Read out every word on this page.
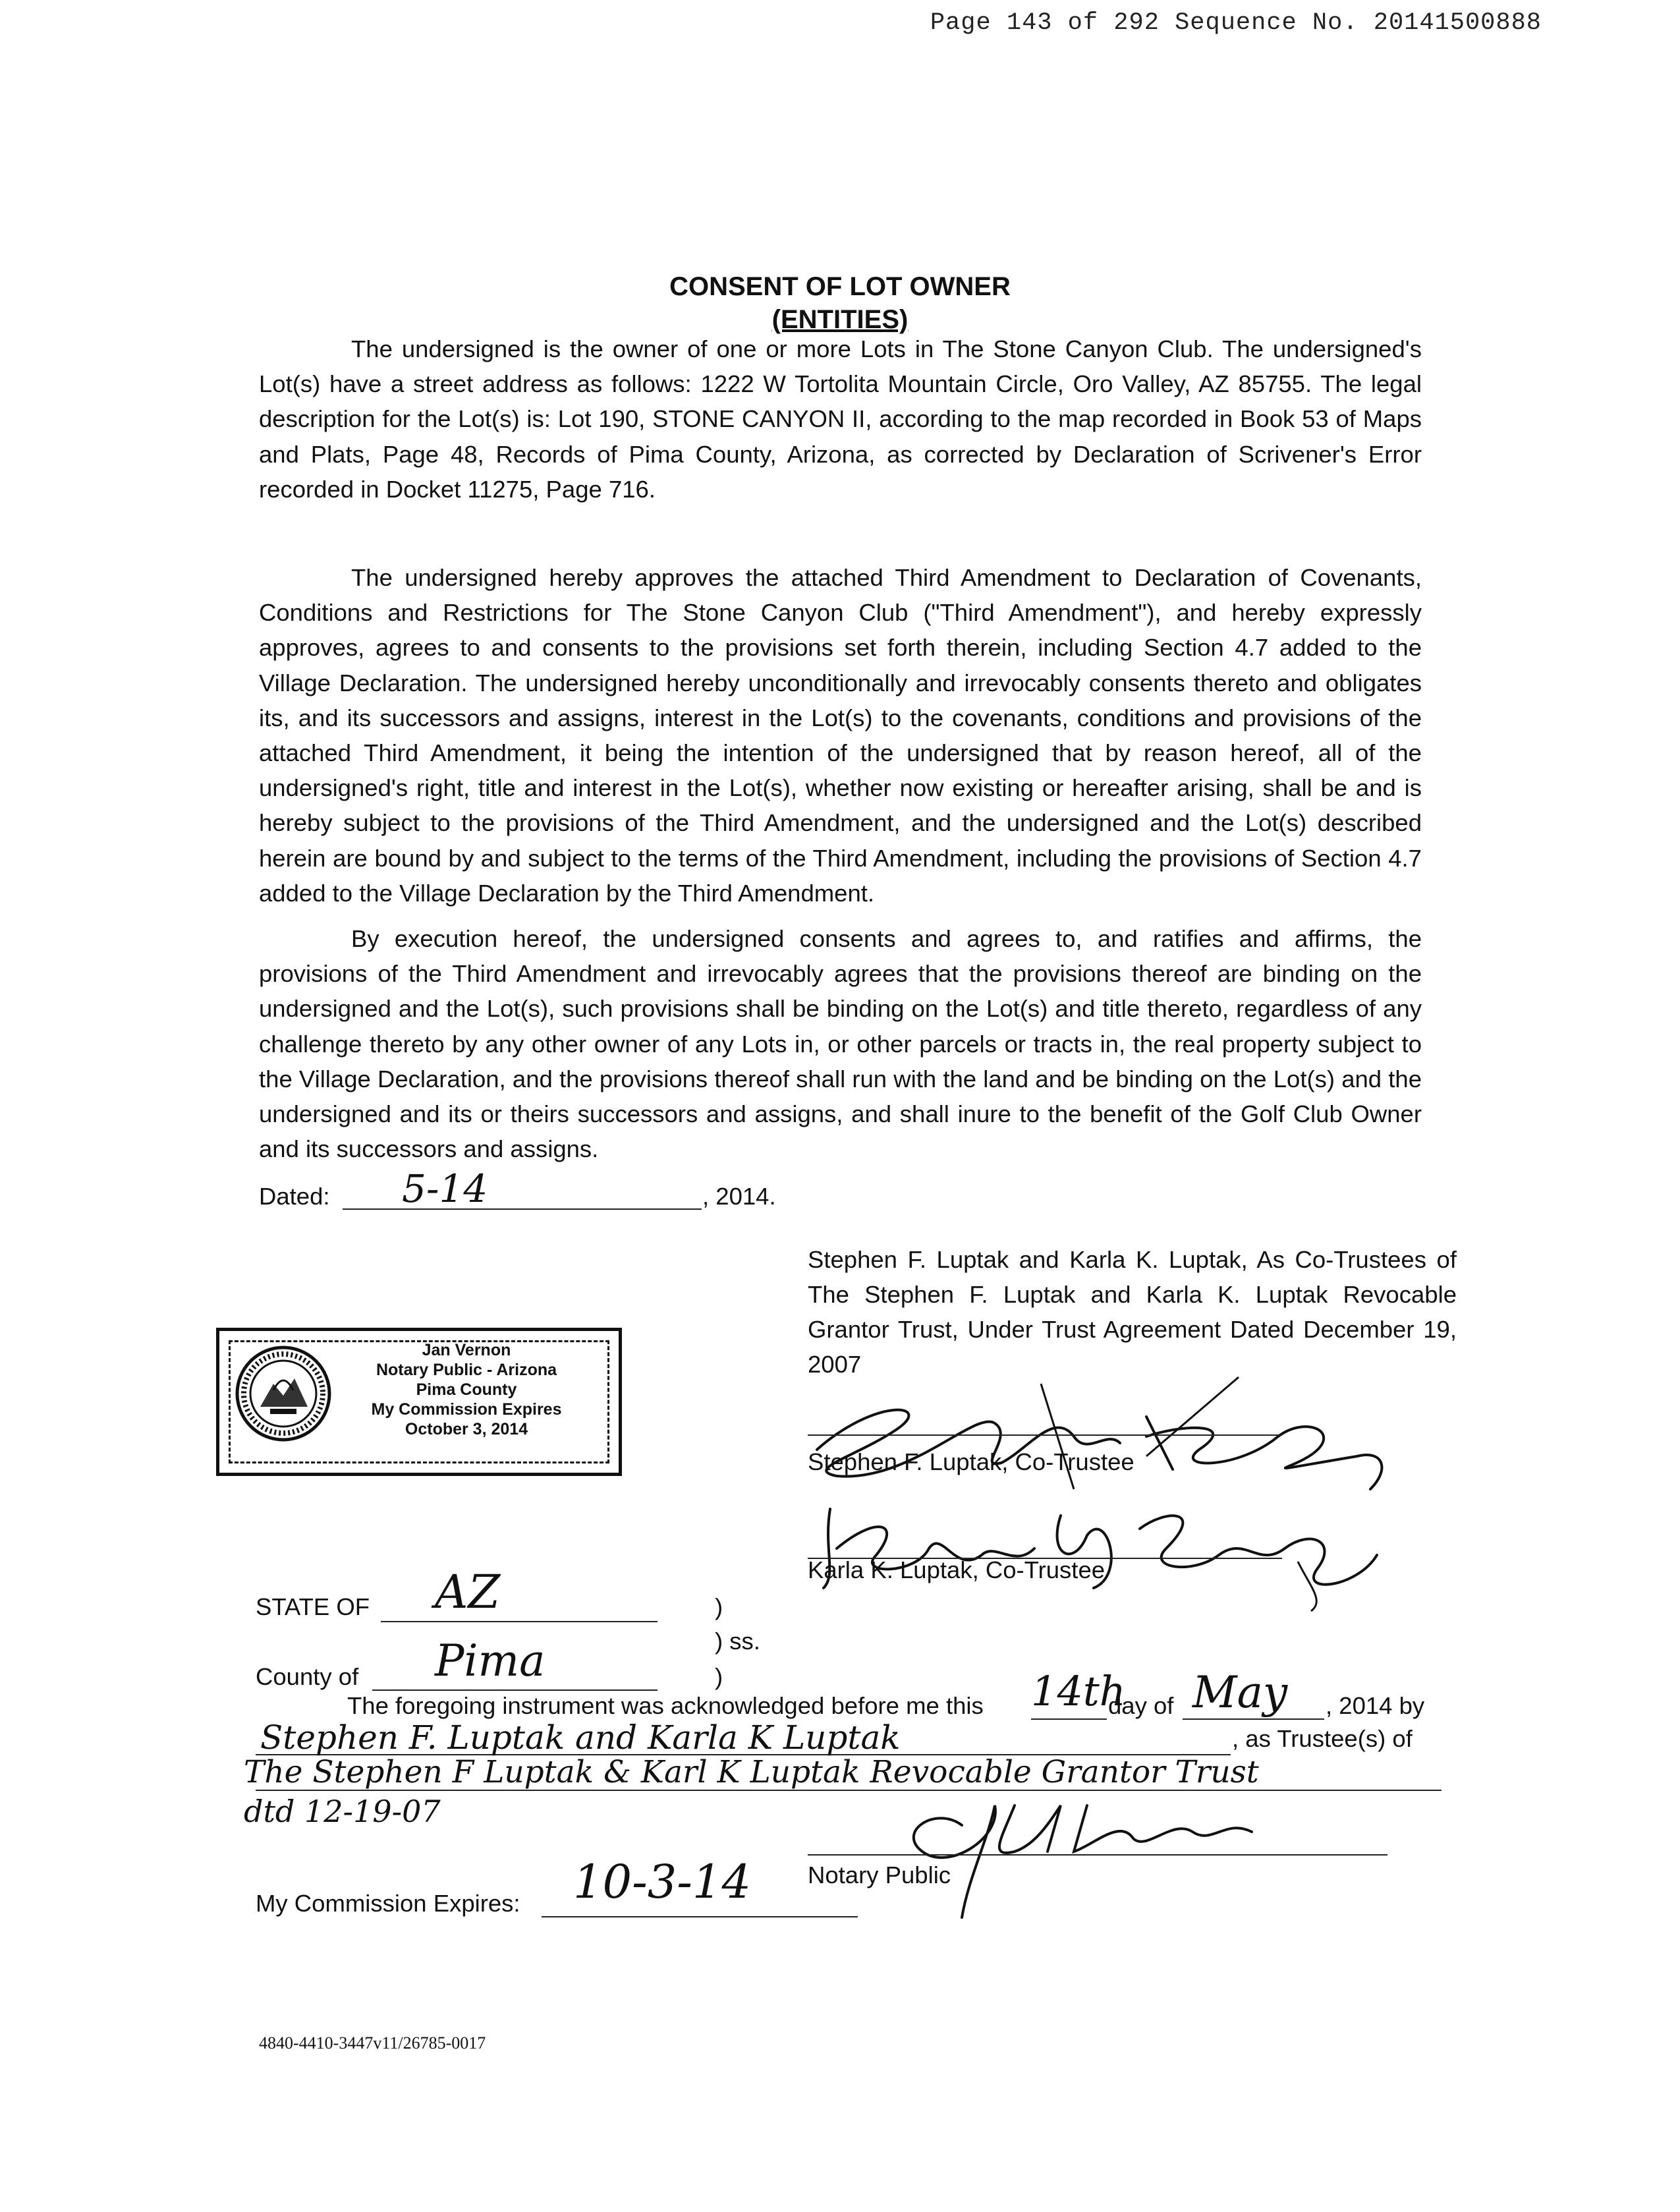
Page 143 of 292 Sequence No. 20141500888
CONSENT OF LOT OWNER
(ENTITIES)
The undersigned is the owner of one or more Lots in The Stone Canyon Club. The undersigned's Lot(s) have a street address as follows: 1222 W Tortolita Mountain Circle, Oro Valley, AZ 85755. The legal description for the Lot(s) is: Lot 190, STONE CANYON II, according to the map recorded in Book 53 of Maps and Plats, Page 48, Records of Pima County, Arizona, as corrected by Declaration of Scrivener's Error recorded in Docket 11275, Page 716.
The undersigned hereby approves the attached Third Amendment to Declaration of Covenants, Conditions and Restrictions for The Stone Canyon Club ("Third Amendment"), and hereby expressly approves, agrees to and consents to the provisions set forth therein, including Section 4.7 added to the Village Declaration. The undersigned hereby unconditionally and irrevocably consents thereto and obligates its, and its successors and assigns, interest in the Lot(s) to the covenants, conditions and provisions of the attached Third Amendment, it being the intention of the undersigned that by reason hereof, all of the undersigned's right, title and interest in the Lot(s), whether now existing or hereafter arising, shall be and is hereby subject to the provisions of the Third Amendment, and the undersigned and the Lot(s) described herein are bound by and subject to the terms of the Third Amendment, including the provisions of Section 4.7 added to the Village Declaration by the Third Amendment.
By execution hereof, the undersigned consents and agrees to, and ratifies and affirms, the provisions of the Third Amendment and irrevocably agrees that the provisions thereof are binding on the undersigned and the Lot(s), such provisions shall be binding on the Lot(s) and title thereto, regardless of any challenge thereto by any other owner of any Lots in, or other parcels or tracts in, the real property subject to the Village Declaration, and the provisions thereof shall run with the land and be binding on the Lot(s) and the undersigned and its or theirs successors and assigns, and shall inure to the benefit of the Golf Club Owner and its successors and assigns.
Dated: 5-14	, 2014.
Stephen F. Luptak and Karla K. Luptak, As Co-Trustees of The Stephen F. Luptak and Karla K. Luptak Revocable Grantor Trust, Under Trust Agreement Dated December 19, 2007
Jan Vernon
Notary Public - Arizona
Pima County
My Commission Expires
October 3, 2014
Stephen F. Luptak, Co-Trustee
Karla K. Luptak, Co-Trustee
STATE OF AZ	)
) ss.
County of Pima	)
The foregoing instrument was acknowledged before me this 14th
day of May , 2014 by
Stephen F. Luptak and Karla K Luptak	, as Trustee(s) of
The Stephen F Luptak & Karl K Luptak Revocable Grantor Trust
dtd 12-19-07
Notary Public
My Commission Expires: 10-3-14
4840-4410-3447v11/26785-0017
